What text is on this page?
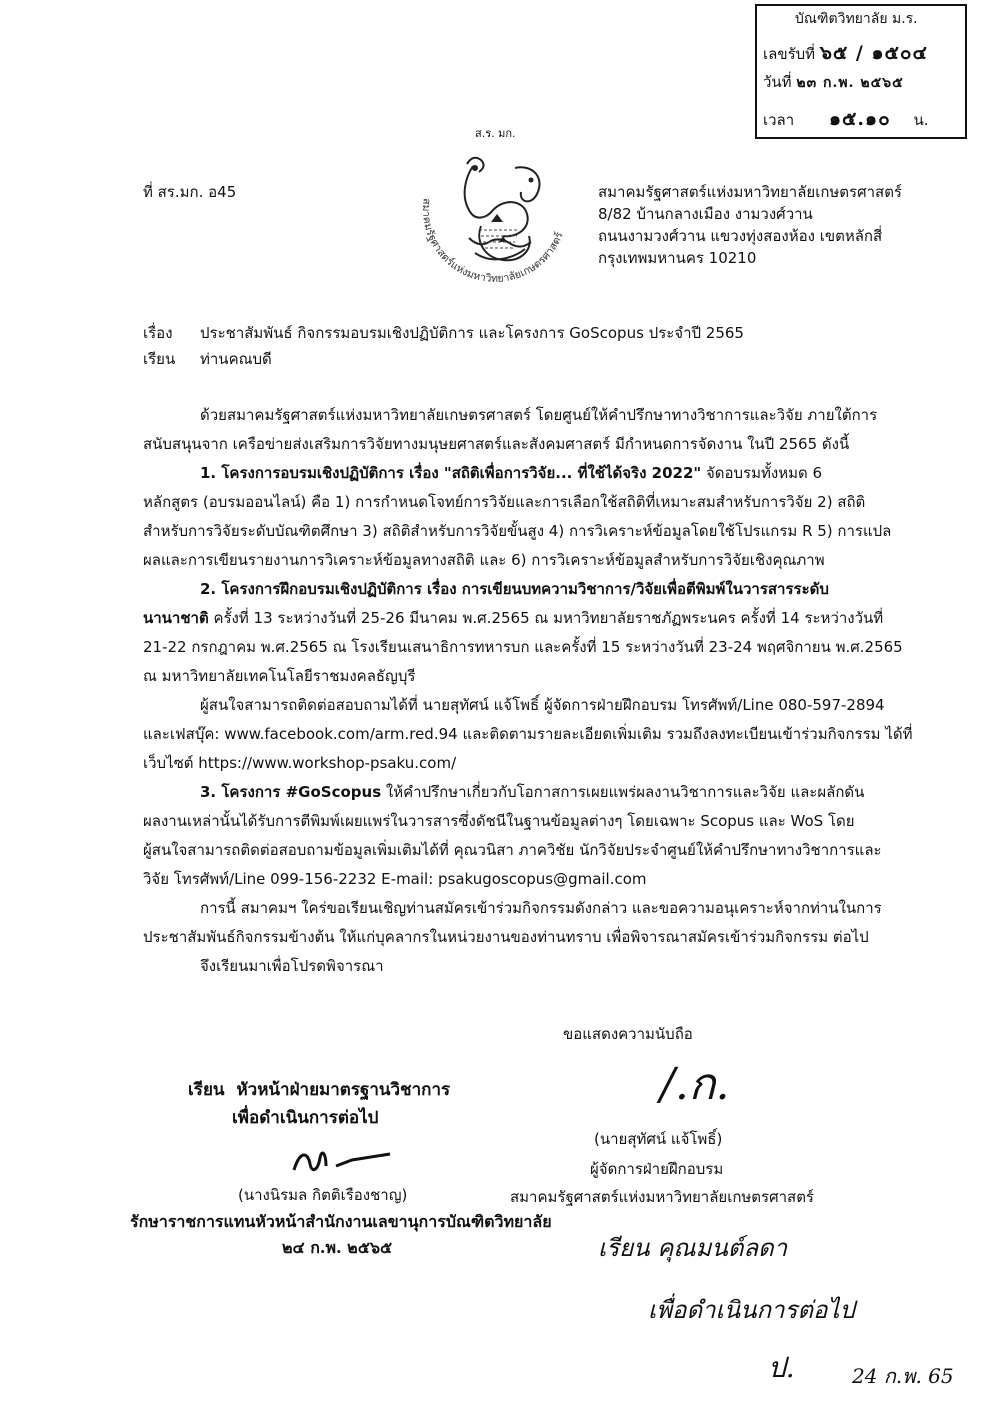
บัณฑิตวิทยาลัย ม.ร.
เลขรับที่ ๖๕ / ๑๕๐๔
วันที่ ๒๓ ก.พ. ๒๕๖๕
เวลา ๑๕.๑๐ น.
ส.ร. มก.
สมาคมรัฐศาสตร์แห่งมหาวิทยาลัยเกษตรศาสตร์
ที่ สร.มก. อ45	สมาคมรัฐศาสตร์แห่งมหาวิทยาลัยเกษตรศาสตร์
8/82 บ้านกลางเมือง งามวงศ์วาน
ถนนงามวงศ์วาน แขวงทุ่งสองห้อง เขตหลักสี่
กรุงเทพมหานคร 10210
เรื่อง ประชาสัมพันธ์ กิจกรรมอบรมเชิงปฏิบัติการ และโครงการ GoScopus ประจำปี 2565
เรียน ท่านคณบดี
ด้วยสมาคมรัฐศาสตร์แห่งมหาวิทยาลัยเกษตรศาสตร์ โดยศูนย์ให้คำปรึกษาทางวิชาการและวิจัย ภายใต้การ
สนับสนุนจาก เครือข่ายส่งเสริมการวิจัยทางมนุษยศาสตร์และสังคมศาสตร์ มีกำหนดการจัดงาน ในปี 2565 ดังนี้
1. โครงการอบรมเชิงปฏิบัติการ เรื่อง "สถิติเพื่อการวิจัย... ที่ใช้ได้จริง 2022" จัดอบรมทั้งหมด 6
หลักสูตร (อบรมออนไลน์) คือ 1) การกำหนดโจทย์การวิจัยและการเลือกใช้สถิติที่เหมาะสมสำหรับการวิจัย 2) สถิติ
สำหรับการวิจัยระดับบัณฑิตศึกษา 3) สถิติสำหรับการวิจัยขั้นสูง 4) การวิเคราะห์ข้อมูลโดยใช้โปรแกรม R 5) การแปล
ผลและการเขียนรายงานการวิเคราะห์ข้อมูลทางสถิติ และ 6) การวิเคราะห์ข้อมูลสำหรับการวิจัยเชิงคุณภาพ
2. โครงการฝึกอบรมเชิงปฏิบัติการ เรื่อง การเขียนบทความวิชาการ/วิจัยเพื่อตีพิมพ์ในวารสารระดับ
นานาชาติ ครั้งที่ 13 ระหว่างวันที่ 25-26 มีนาคม พ.ศ.2565 ณ มหาวิทยาลัยราชภัฏพระนคร ครั้งที่ 14 ระหว่างวันที่
21-22 กรกฎาคม พ.ศ.2565 ณ โรงเรียนเสนาธิการทหารบก และครั้งที่ 15 ระหว่างวันที่ 23-24 พฤศจิกายน พ.ศ.2565
ณ มหาวิทยาลัยเทคโนโลยีราชมงคลธัญบุรี
ผู้สนใจสามารถติดต่อสอบถามได้ที่ นายสุทัศน์ แจ้โพธิ์ ผู้จัดการฝ่ายฝึกอบรม โทรศัพท์/Line 080-597-2894
และเฟสบุ๊ค: www.facebook.com/arm.red.94 และติดตามรายละเอียดเพิ่มเติม รวมถึงลงทะเบียนเข้าร่วมกิจกรรม ได้ที่
เว็บไซต์ https://www.workshop-psaku.com/
3. โครงการ #GoScopus ให้คำปรึกษาเกี่ยวกับโอกาสการเผยแพร่ผลงานวิชาการและวิจัย และผลักดัน
ผลงานเหล่านั้นได้รับการตีพิมพ์เผยแพร่ในวารสารซึ่งดัชนีในฐานข้อมูลต่างๆ โดยเฉพาะ Scopus และ WoS โดย
ผู้สนใจสามารถติดต่อสอบถามข้อมูลเพิ่มเติมได้ที่ คุณวนิสา ภาควิชัย นักวิจัยประจำศูนย์ให้คำปรึกษาทางวิชาการและ
วิจัย โทรศัพท์/Line 099-156-2232 E-mail: psakugoscopus@gmail.com
การนี้ สมาคมฯ ใคร่ขอเรียนเชิญท่านสมัครเข้าร่วมกิจกรรมดังกล่าว และขอความอนุเคราะห์จากท่านในการ
ประชาสัมพันธ์กิจกรรมข้างต้น ให้แก่บุคลากรในหน่วยงานของท่านทราบ เพื่อพิจารณาสมัครเข้าร่วมกิจกรรม ต่อไป
จึงเรียนมาเพื่อโปรดพิจารณา
ขอแสดงความนับถือ
/.ก.
(นายสุทัศน์ แจ้โพธิ์)
ผู้จัดการฝ่ายฝึกอบรม
สมาคมรัฐศาสตร์แห่งมหาวิทยาลัยเกษตรศาสตร์
เรียน หัวหน้าฝ่ายมาตรฐานวิชาการ
เพื่อดำเนินการต่อไป
(นางนิรมล กิตติเรืองชาญ)
รักษาราชการแทนหัวหน้าสำนักงานเลขานุการบัณฑิตวิทยาลัย
๒๔ ก.พ. ๒๕๖๕	เรียน คุณมนต์ลดา
เพื่อดำเนินการต่อไป
ป.	24 ก.พ. 65
